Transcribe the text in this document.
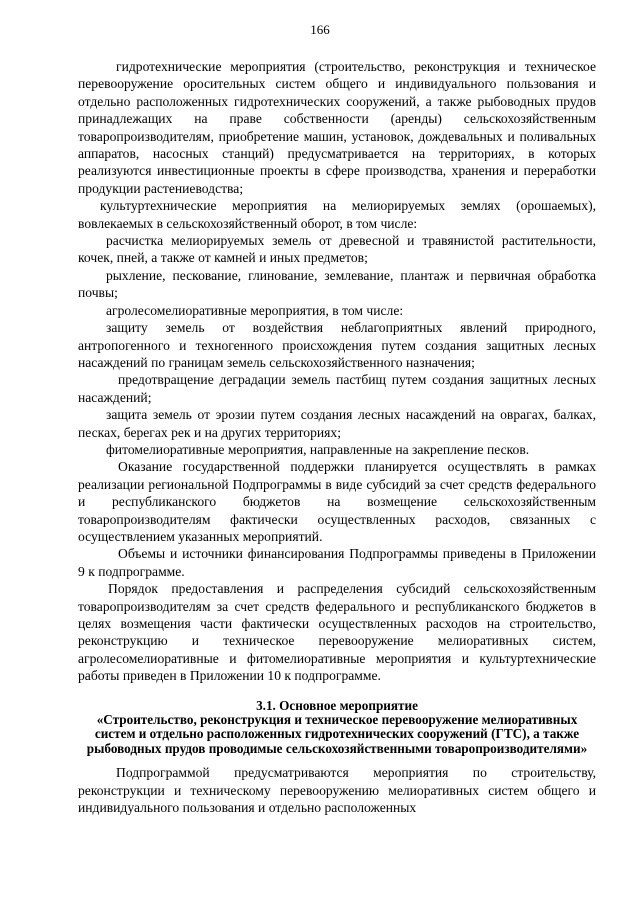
166

гидротехнические мероприятия (строительство, реконструкция и техническое перевооружение оросительных систем общего и индивидуального пользования и отдельно расположенных гидротехнических сооружений, а также рыбоводных прудов принадлежащих на праве собственности (аренды) сельскохозяйственным товаропроизводителям, приобретение машин, установок, дождевальных и поливальных аппаратов, насосных станций) предусматривается на территориях, в которых реализуются инвестиционные проекты в сфере производства, хранения и переработки продукции растениеводства;

культуртехнические мероприятия на мелиорируемых землях (орошаемых), вовлекаемых в сельскохозяйственный оборот, в том числе:

расчистка мелиорируемых земель от древесной и травянистой растительности, кочек, пней, а также от камней и иных предметов;

рыхление, пескование, глинование, землевание, плантаж и первичная обработка почвы;

агролесомелиоративные мероприятия, в том числе:

защиту земель от воздействия неблагоприятных явлений природного, антропогенного и техногенного происхождения путем создания защитных лесных насаждений по границам земель сельскохозяйственного назначения;

предотвращение деградации земель пастбищ путем создания защитных лесных насаждений;

защита земель от эрозии путем создания лесных насаждений на оврагах, балках, песках, берегах рек и на других территориях;

фитомелиоративные мероприятия, направленные на закрепление песков.

Оказание государственной поддержки планируется осуществлять в рамках реализации региональной Подпрограммы в виде субсидий за счет средств федерального и республиканского бюджетов на возмещение сельскохозяйственным товаропроизводителям фактически осуществленных расходов, связанных с осуществлением указанных мероприятий.

Объемы и источники финансирования Подпрограммы приведены в Приложении 9 к подпрограмме.

Порядок предоставления и распределения субсидий сельскохозяйственным товаропроизводителям за счет средств федерального и республиканского бюджетов в целях возмещения части фактически осуществленных расходов на строительство, реконструкцию и техническое перевооружение мелиоративных систем, агролесомелиоративные и фитомелиоративные мероприятия и культуртехнические работы приведен в Приложении 10 к подпрограмме.

3.1. Основное мероприятие
«Строительство, реконструкция и техническое перевооружение мелиоративных систем и отдельно расположенных гидротехнических сооружений (ГТС), а также рыбоводных прудов проводимые сельскохозяйственными товаропроизводителями»

Подпрограммой предусматриваются мероприятия по строительству, реконструкции и техническому перевооружению мелиоративных систем общего и индивидуального пользования и отдельно расположенных
